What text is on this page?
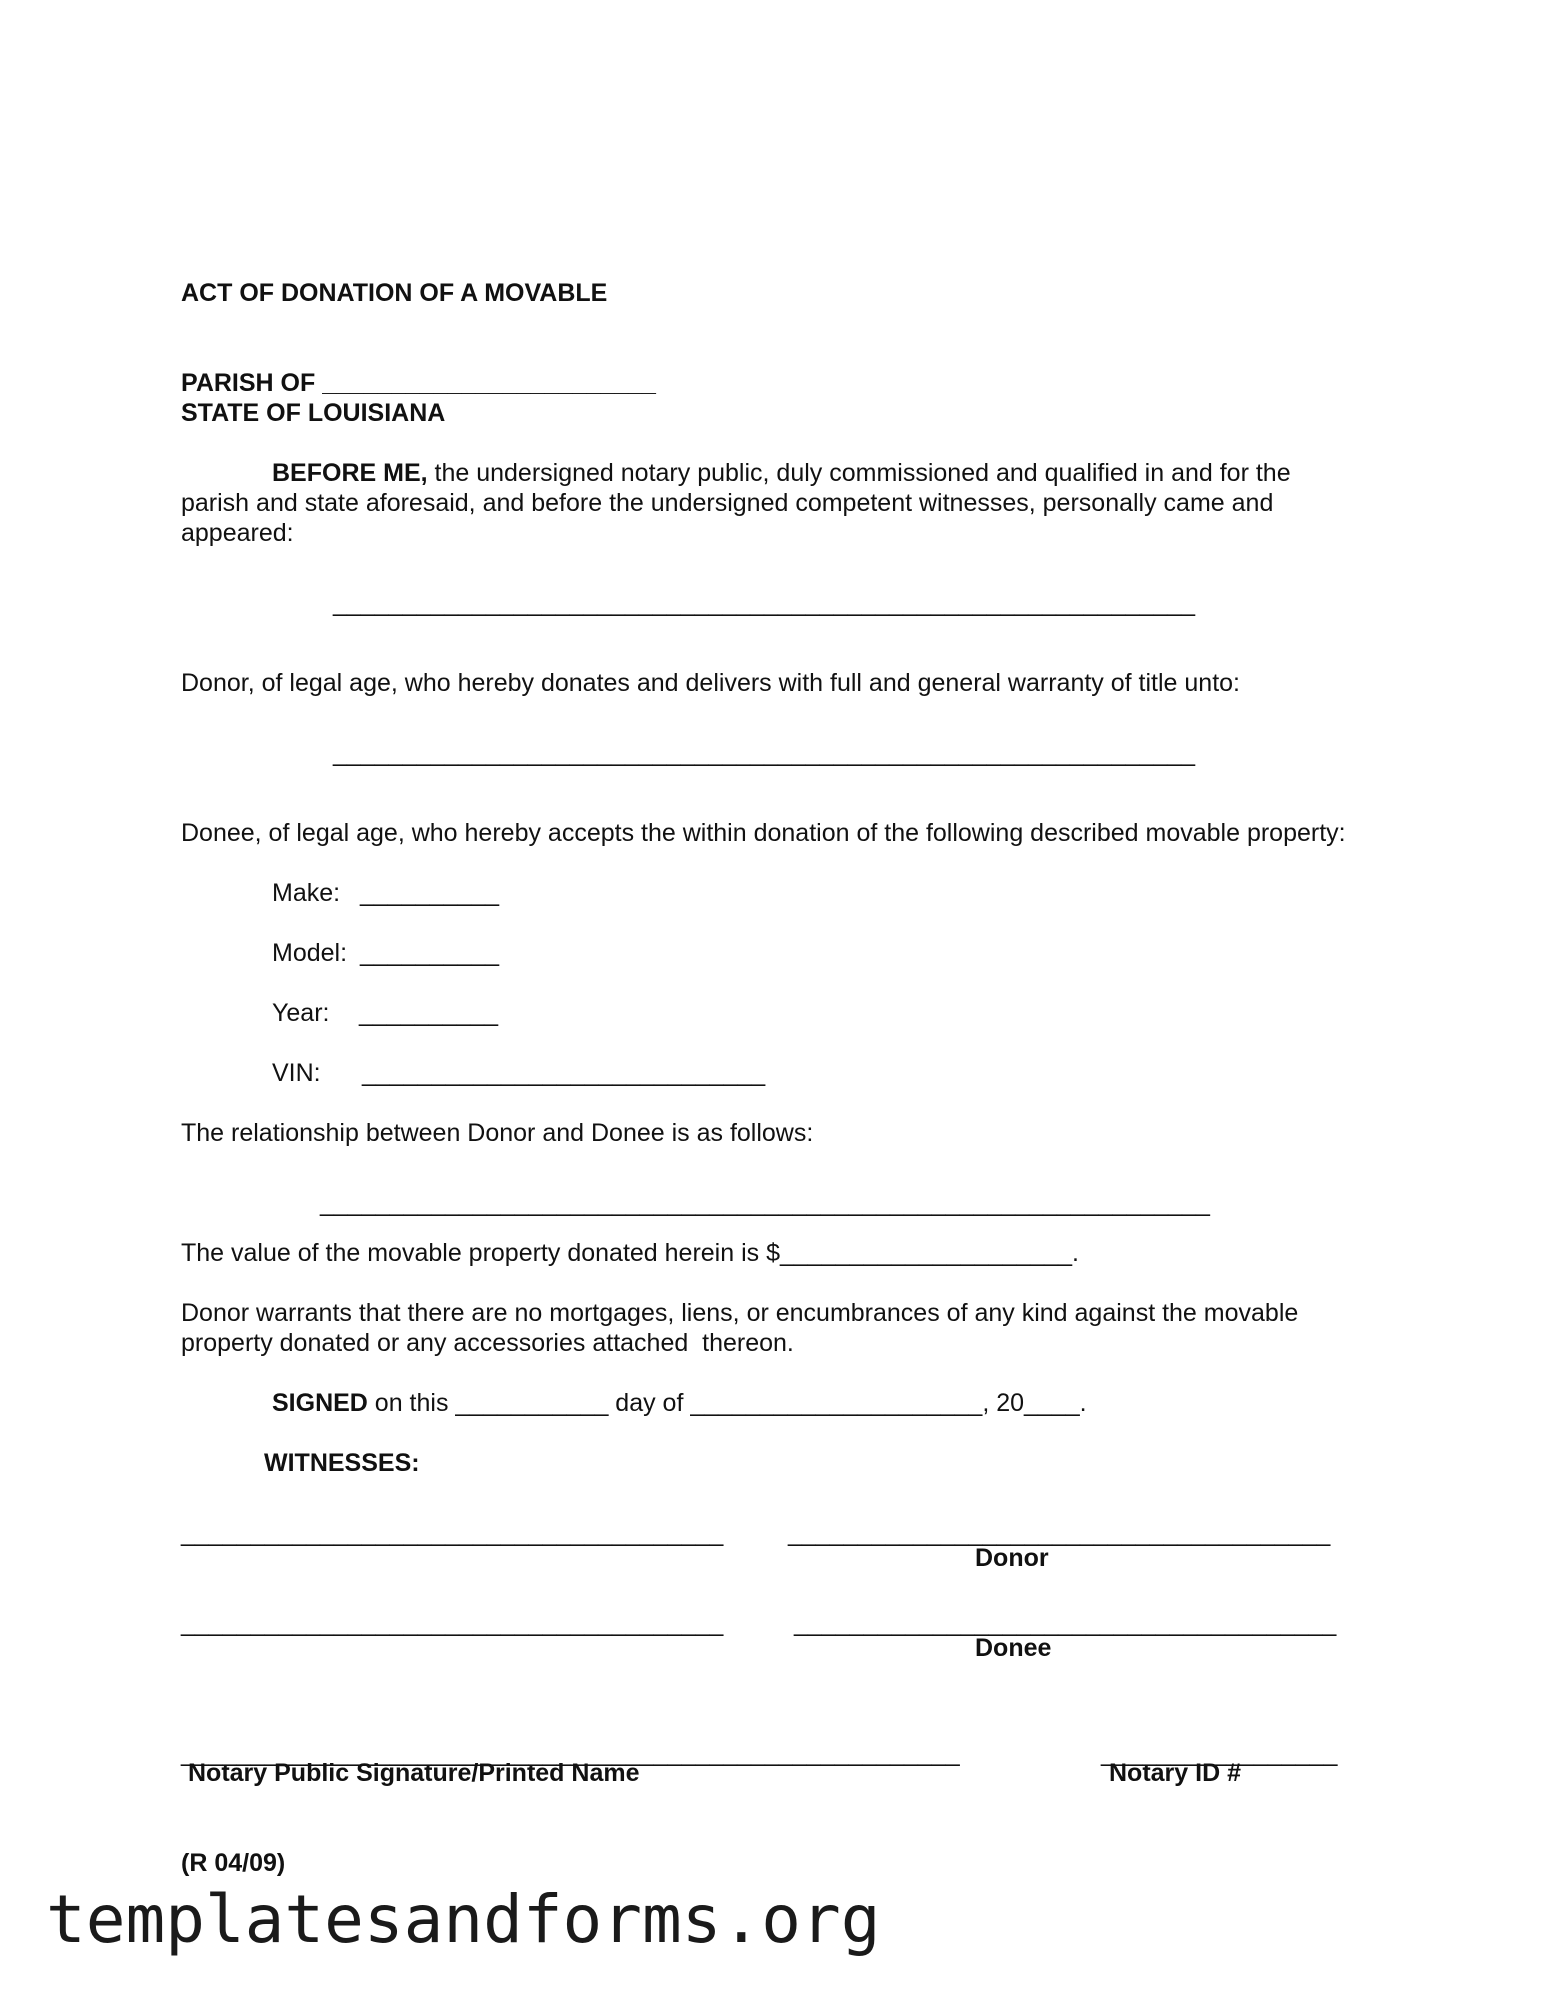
ACT OF DONATION OF A MOVABLE
PARISH OF ________________________
STATE OF LOUISIANA
BEFORE ME, the undersigned notary public, duly commissioned and qualified in and for the
parish and state aforesaid, and before the undersigned competent witnesses, personally came and
appeared:
______________________________________________________________
Donor, of legal age, who hereby donates and delivers with full and general warranty of title unto:
______________________________________________________________
Donee, of legal age, who hereby accepts the within donation of the following described movable property:
Make: __________
Model: __________
Year: __________
VIN: _____________________________
The relationship between Donor and Donee is as follows:
________________________________________________________________
The value of the movable property donated herein is $_____________________.
Donor warrants that there are no mortgages, liens, or encumbrances of any kind against the movable
property donated or any accessories attached  thereon.
SIGNED on this ___________ day of _____________________, 20____.
WITNESSES:
_______________________________________	_______________________________________
Donor
_______________________________________	_______________________________________
Donee
________________________________________________________	_________________
Notary Public Signature/Printed Name	Notary ID #
(R 04/09)
templatesandforms.org
